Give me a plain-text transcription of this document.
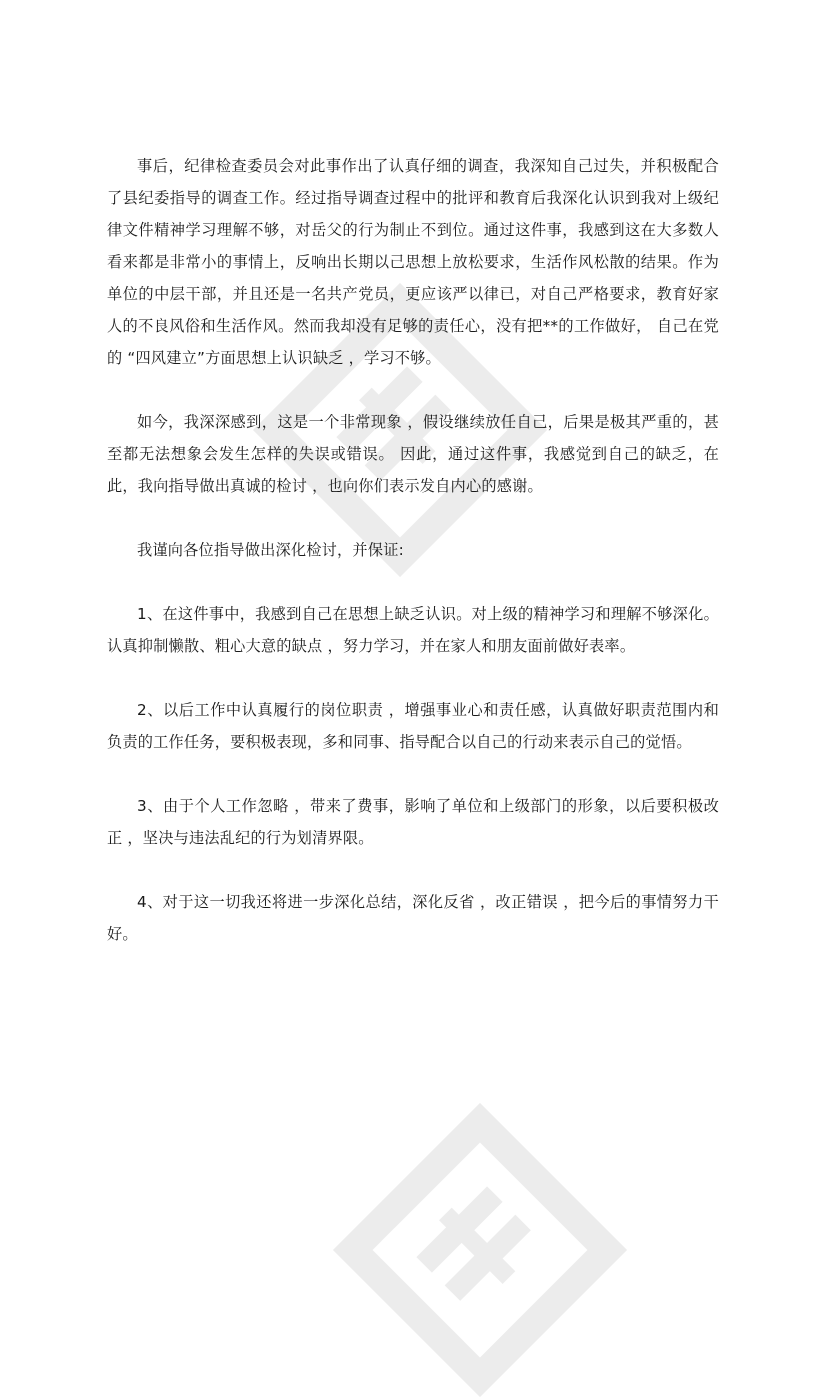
事后，纪律检查委员会对此事作出了认真仔细的调查，我深知自己过失，并积极配合了县纪委指导的调查工作。经过指导调查过程中的批评和教育后我深化认识到我对上级纪律文件精神学习理解不够，对岳父的行为制止不到位。通过这件事，我感到这在大多数人看来都是非常小的事情上，反响出长期以己思想上放松要求，生活作风松散的结果。作为单位的中层干部，并且还是一名共产党员，更应该严以律已，对自己严格要求，教育好家人的不良风俗和生活作风。然而我却没有足够的责任心，没有把**的工作做好， 自己在党的 “四风建立”方面思想上认识缺乏 ，学习不够。

如今，我深深感到，这是一个非常现象 ，假设继续放任自己，后果是极其严重的，甚至都无法想象会发生怎样的失误或错误。 因此，通过这件事，我感觉到自己的缺乏，在此，我向指导做出真诚的检讨 ，也向你们表示发自内心的感谢。

我谨向各位指导做出深化检讨，并保证:

1、在这件事中，我感到自己在思想上缺乏认识。对上级的精神学习和理解不够深化。认真抑制懒散、粗心大意的缺点 ，努力学习，并在家人和朋友面前做好表率。

2、以后工作中认真履行的岗位职责 ，增强事业心和责任感，认真做好职责范围内和负责的工作任务，要积极表现，多和同事、指导配合以自己的行动来表示自己的觉悟。

3、由于个人工作忽略 ，带来了费事，影响了单位和上级部门的形象，以后要积极改正 ，坚决与违法乱纪的行为划清界限。

4、对于这一切我还将进一步深化总结，深化反省 ，改正错误 ，把今后的事情努力干好。
